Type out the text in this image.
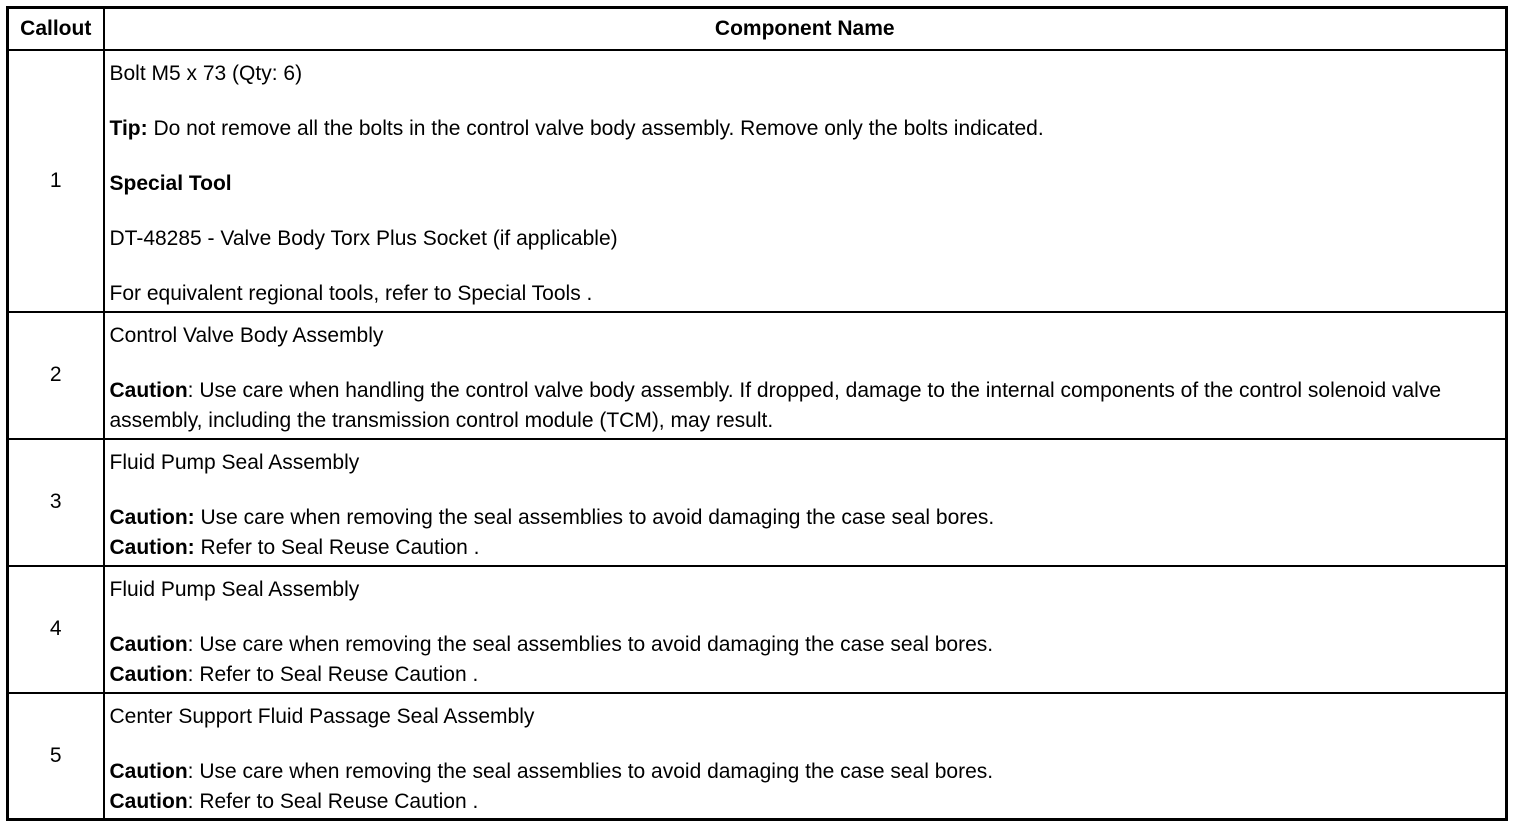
Callout	Component Name
1	Bolt M5 x 73 (Qty: 6)

Tip: Do not remove all the bolts in the control valve body assembly. Remove only the bolts indicated.

Special Tool

DT-48285 - Valve Body Torx Plus Socket (if applicable)

For equivalent regional tools, refer to Special Tools .

2	Control Valve Body Assembly

Caution: Use care when handling the control valve body assembly. If dropped, damage to the internal components of the control solenoid valve assembly, including the transmission control module (TCM), may result.

3	Fluid Pump Seal Assembly

Caution: Use care when removing the seal assemblies to avoid damaging the case seal bores.

Caution: Refer to Seal Reuse Caution .

4	Fluid Pump Seal Assembly

Caution: Use care when removing the seal assemblies to avoid damaging the case seal bores.

Caution: Refer to Seal Reuse Caution .

5	Center Support Fluid Passage Seal Assembly

Caution: Use care when removing the seal assemblies to avoid damaging the case seal bores.

Caution: Refer to Seal Reuse Caution .
